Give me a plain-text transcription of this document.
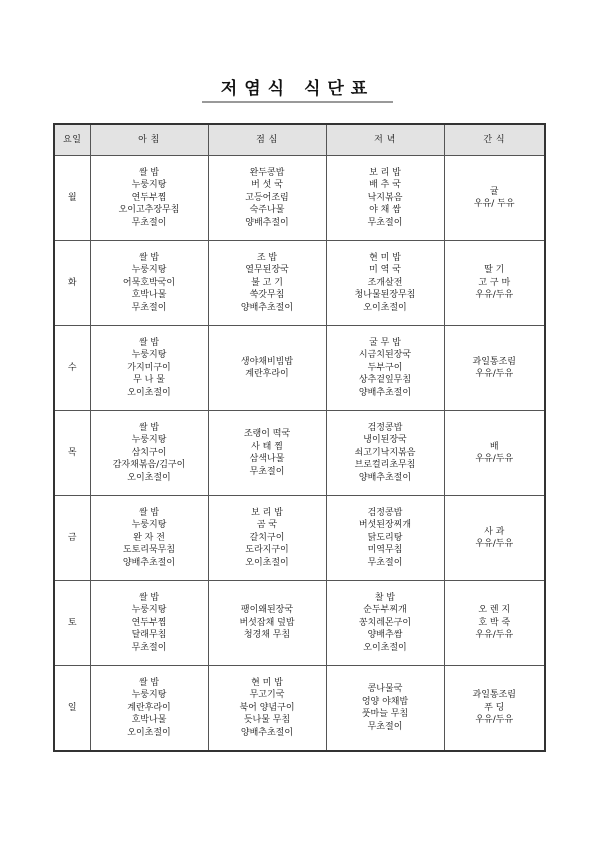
저염식 식단표
요일	아 침	점 심	저 녁	간 식
월	쌀 밥
누룽지탕
연두부찜
오이고추장무침
무초절이	완두콩밥
버 섯 국
고등어조림
숙주나물
양배추절이	보 리 밥
배 추 국
낙지볶음
야 채 쌈
무초절이	귤
우유/ 두유

화	쌀 밥
누룽지탕
어묵호박국이
호박나물
무초절이	조 밥
열무된장국
불 고 기
쑥갓무침
양배추초절이	현 미 밥
미 역 국
조개살전
청나물된장무침
오이초절이	딸 기
고 구 마
우유/두유

수	쌀 밥
누룽지탕
가지미구이
무 나 물
오이초절이	생야채비빔밥
계란후라이	굴 무 밥
시금치된장국
두부구이
상추겉잎무침
양배추초절이	과일통조림
우유/두유

목	쌀 밥
누룽지탕
삼치구이
감자채볶음/김구이
오이초절이	조랭이 떡국
사 태 찜
삼색나물
무초절이	검정콩밥
냉이된장국
쇠고기낙지볶음
브로컬리초무침
양배추초절이	배
우유/두유

금	쌀 밥
누룽지탕
완 자 전
도토리묵무침
양배추초절이	보 리 밥
곰 국
갈치구이
도라지구이
오이초절이	검정콩밥
버섯된장찌개
닭도리탕
미역무침
무초절이	사 과
우유/두유

토	쌀 밥
누룽지탕
연두부찜
달래무침
무초절이	팽이왜된장국
버섯잡채 덮밥
청경채 무침	찰 밥
순두부찌개
꽁치레몬구이
양배추쌈
오이초절이	오 렌 지
호 박 죽
우유/두유

일	쌀 밥
누룽지탕
계란후라이
호박나물
오이초절이	현 미 밥
무고기국
북어 양념구이
듯나물 무침
양배추초절이	콩나물국
엉양 야채밥
풋마늘 무침
무초절이	과일통조림
푸 딩
우유/두유
